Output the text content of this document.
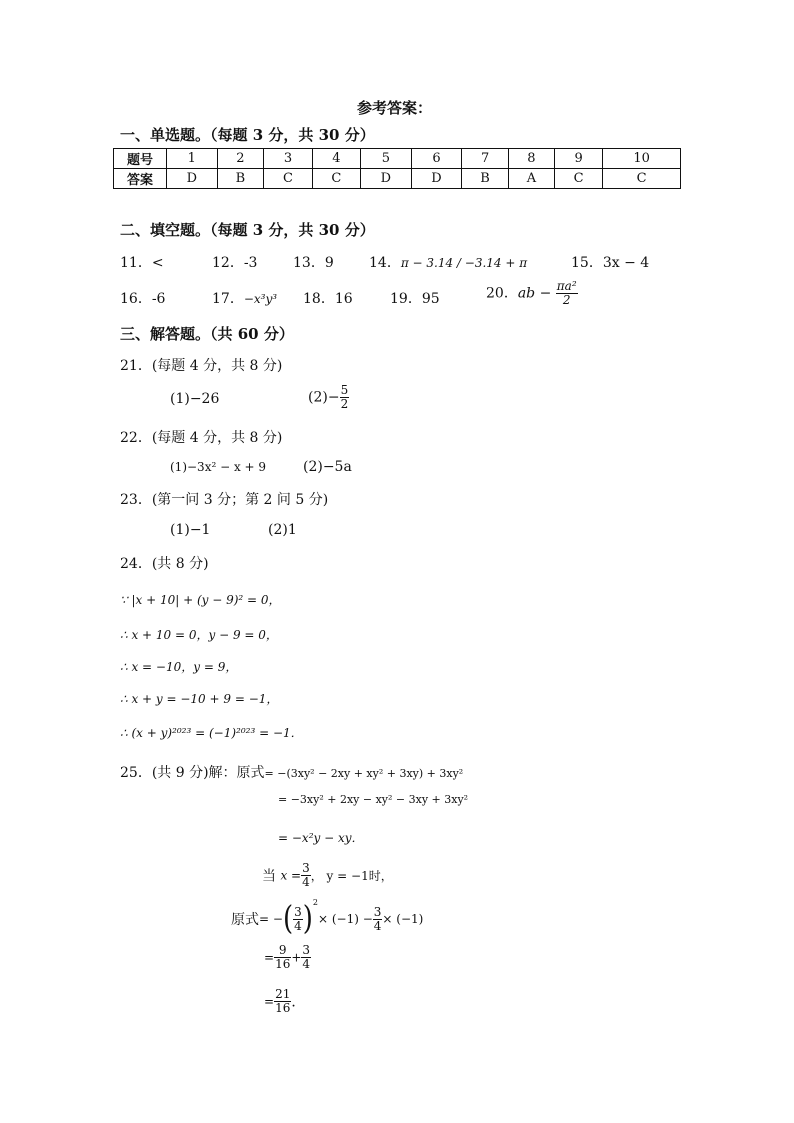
参考答案：
一、单选题。（每题 3 分，共 30 分）
题号	1	2	3	4	5	6	7	8	9	10
答案	D	B	C	C	D	D	B	A	C	C
二、填空题。（每题 3 分，共 30 分）
11．<	12．-3	13．9	14．π − 3.14 / −3.14 + π	15．3x − 4
16．-6	17．−x³y³ 18．16	19．95	20．ab − $\frac{\text{πa²}}{2}$
三、解答题。（共 60 分）
21．(每题 4 分，共 8 分)
(1)−26	$(2)- \frac{5}{2}$
22．(每题 4 分，共 8 分)
(1)−3x² − x + 9	(2)−5a
23．(第一问 3 分；第 2 问 5 分)
(1)−1	(2)1
24．(共 8 分)
∵ |x + 10| + (y − 9)² = 0，
∴ x + 10 = 0，y − 9 = 0，
∴ x = −10，y = 9，
∴ x + y = −10 + 9 = −1，
∴ (x + y)²⁰²³ = (−1)²⁰²³ = −1．
25．(共 9 分)解：原式= −(3xy² − 2xy + xy² + 3xy) + 3xy²
= −3xy² + 2xy − xy² − 3xy + 3xy²
= −x²y − xy．
当 $x = \frac{3}{4}$ ， y = −1时，
原式= −( $\frac{3}{4} )^2\times (-1) - \frac{3}{4} \times (-1)$
= $\frac{9}{16} + \frac{3}{4}$
= $\frac{21}{16}$ ．
